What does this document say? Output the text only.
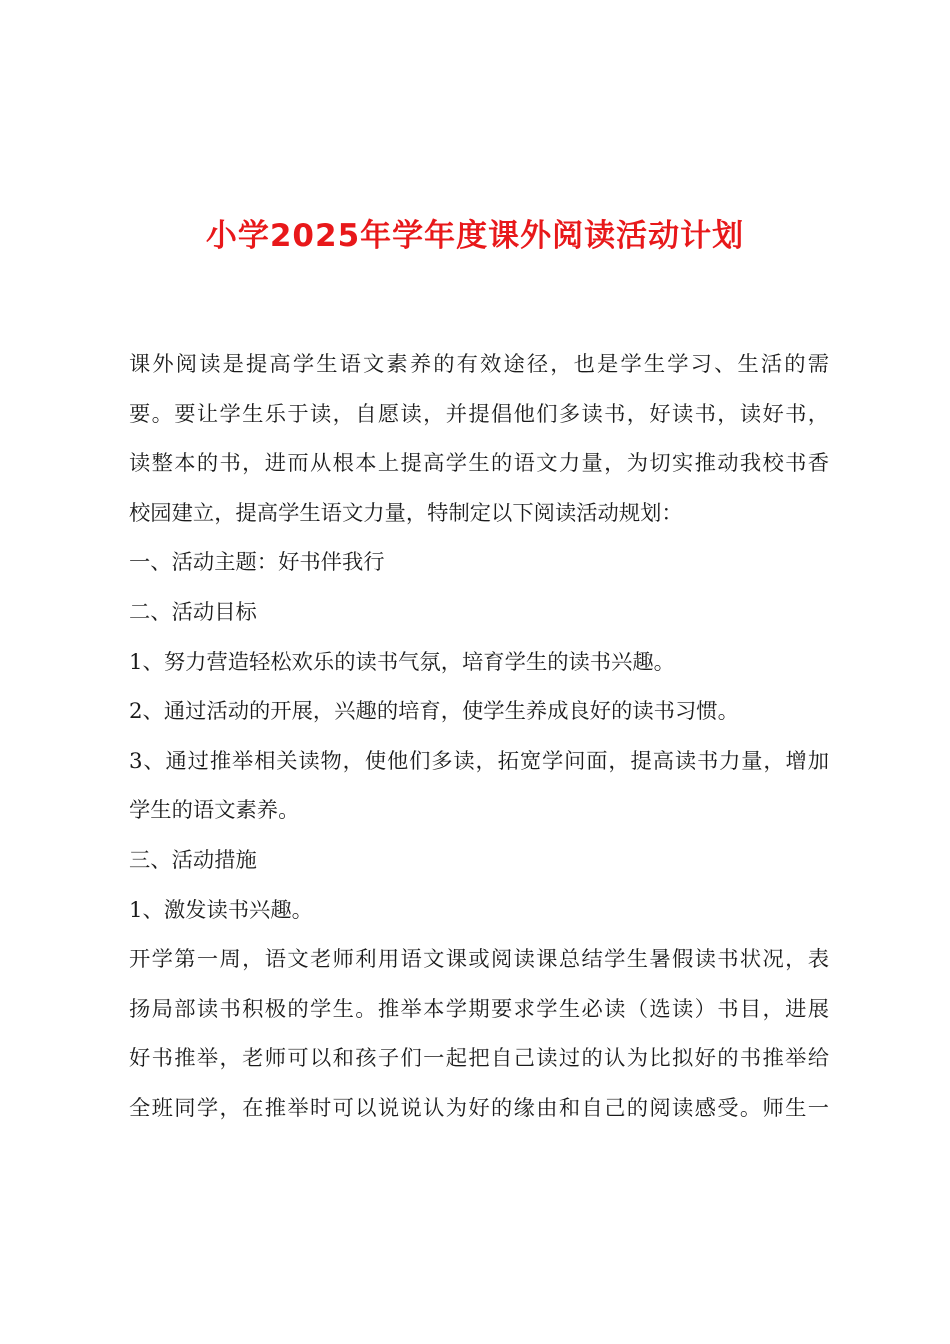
小学2025年学年度课外阅读活动计划
课外阅读是提高学生语文素养的有效途径，也是学生学习、生活的需
要。要让学生乐于读，自愿读，并提倡他们多读书，好读书，读好书，
读整本的书，进而从根本上提高学生的语文力量，为切实推动我校书香
校园建立，提高学生语文力量，特制定以下阅读活动规划：
一、活动主题：好书伴我行
二、活动目标
1、努力营造轻松欢乐的读书气氛，培育学生的读书兴趣。
2、通过活动的开展，兴趣的培育，使学生养成良好的读书习惯。
3、通过推举相关读物，使他们多读，拓宽学问面，提高读书力量，增加
学生的语文素养。
三、活动措施
1、激发读书兴趣。
开学第一周，语文老师利用语文课或阅读课总结学生暑假读书状况，表
扬局部读书积极的学生。推举本学期要求学生必读（选读）书目，进展
好书推举，老师可以和孩子们一起把自己读过的认为比拟好的书推举给
全班同学，在推举时可以说说认为好的缘由和自己的阅读感受。师生一
